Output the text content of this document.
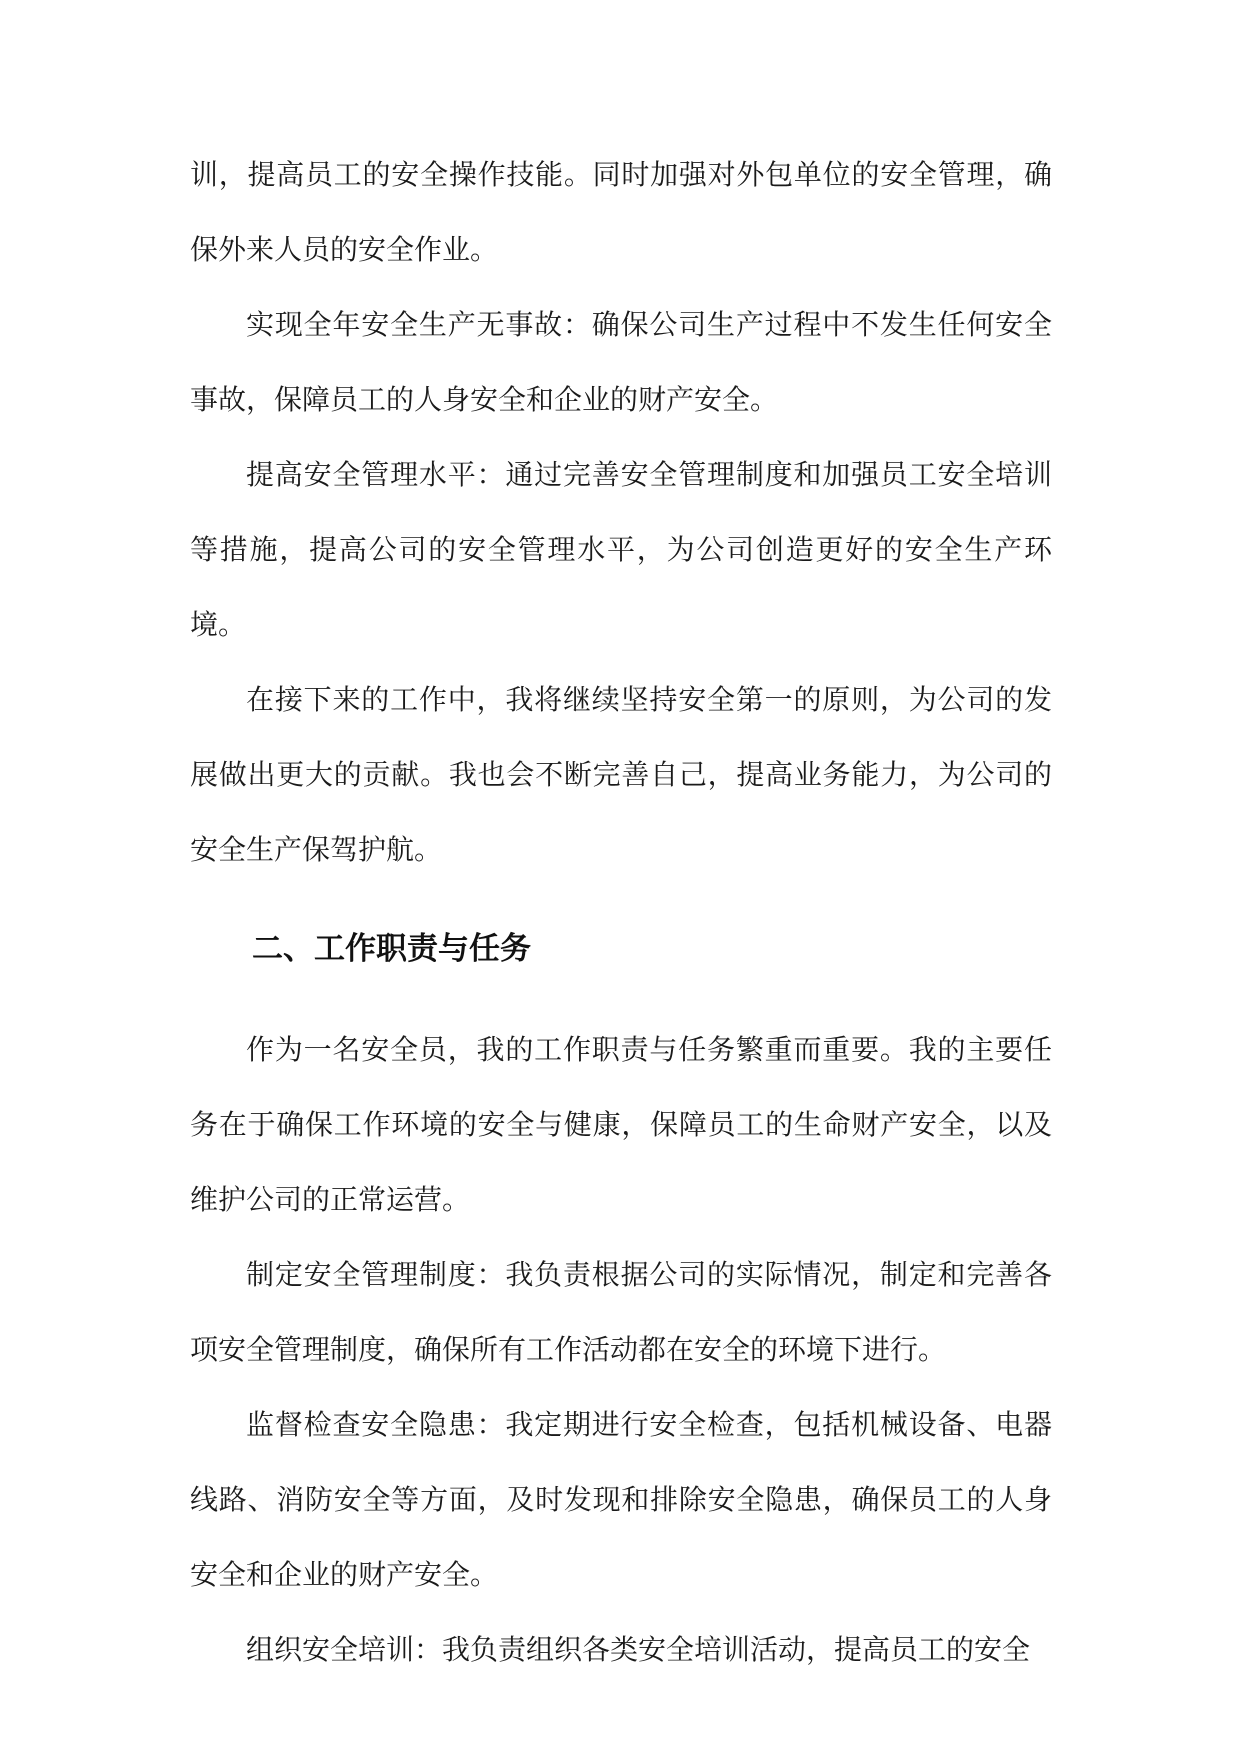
训，提高员工的安全操作技能。同时加强对外包单位的安全管理，确保外来人员的安全作业。

实现全年安全生产无事故：确保公司生产过程中不发生任何安全事故，保障员工的人身安全和企业的财产安全。

提高安全管理水平：通过完善安全管理制度和加强员工安全培训等措施，提高公司的安全管理水平，为公司创造更好的安全生产环境。

在接下来的工作中，我将继续坚持安全第一的原则，为公司的发展做出更大的贡献。我也会不断完善自己，提高业务能力，为公司的安全生产保驾护航。

二、工作职责与任务

作为一名安全员，我的工作职责与任务繁重而重要。我的主要任务在于确保工作环境的安全与健康，保障员工的生命财产安全，以及维护公司的正常运营。

制定安全管理制度：我负责根据公司的实际情况，制定和完善各项安全管理制度，确保所有工作活动都在安全的环境下进行。

监督检查安全隐患：我定期进行安全检查，包括机械设备、电器线路、消防安全等方面，及时发现和排除安全隐患，确保员工的人身安全和企业的财产安全。

组织安全培训：我负责组织各类安全培训活动，提高员工的安全
